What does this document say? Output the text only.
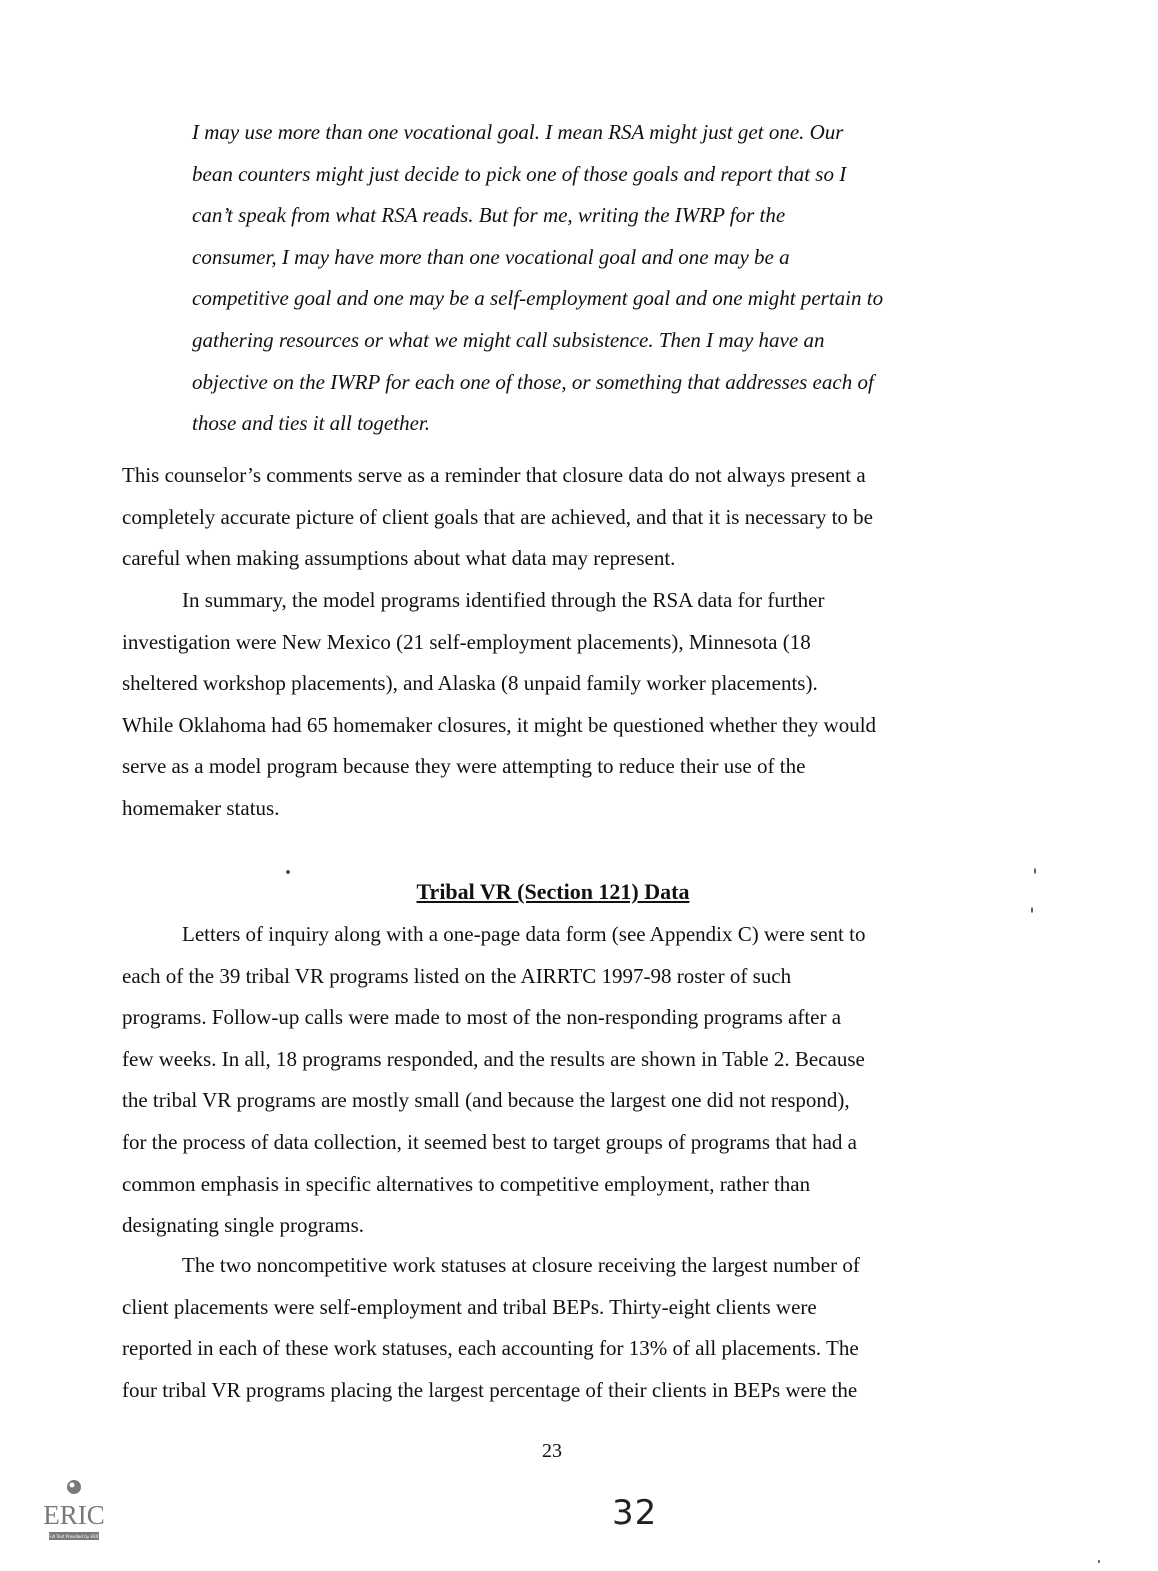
I may use more than one vocational goal. I mean RSA might just get one. Our
bean counters might just decide to pick one of those goals and report that so I
can’t speak from what RSA reads. But for me, writing the IWRP for the
consumer, I may have more than one vocational goal and one may be a
competitive goal and one may be a self-employment goal and one might pertain to
gathering resources or what we might call subsistence. Then I may have an
objective on the IWRP for each one of those, or something that addresses each of
those and ties it all together.
This counselor’s comments serve as a reminder that closure data do not always present a
completely accurate picture of client goals that are achieved, and that it is necessary to be
careful when making assumptions about what data may represent.
In summary, the model programs identified through the RSA data for further
investigation were New Mexico (21 self-employment placements), Minnesota (18
sheltered workshop placements), and Alaska (8 unpaid family worker placements).
While Oklahoma had 65 homemaker closures, it might be questioned whether they would
serve as a model program because they were attempting to reduce their use of the
homemaker status.
Tribal VR (Section 121) Data
Letters of inquiry along with a one-page data form (see Appendix C) were sent to
each of the 39 tribal VR programs listed on the AIRRTC 1997-98 roster of such
programs. Follow-up calls were made to most of the non-responding programs after a
few weeks. In all, 18 programs responded, and the results are shown in Table 2. Because
the tribal VR programs are mostly small (and because the largest one did not respond),
for the process of data collection, it seemed best to target groups of programs that had a
common emphasis in specific alternatives to competitive employment, rather than
designating single programs.
The two noncompetitive work statuses at closure receiving the largest number of
client placements were self-employment and tribal BEPs. Thirty-eight clients were
reported in each of these work statuses, each accounting for 13% of all placements. The
four tribal VR programs placing the largest percentage of their clients in BEPs were the

23

32
ERIC
Full Text Provided by ERIC
